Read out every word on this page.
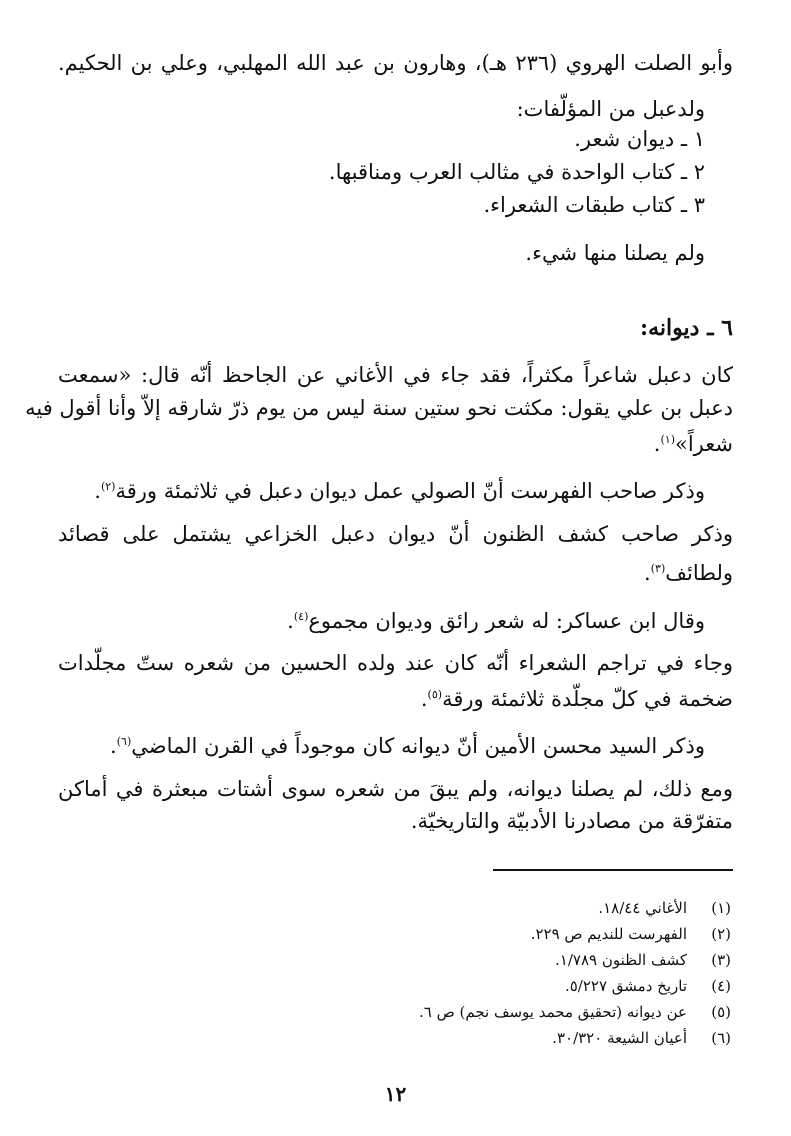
وأبو الصلت الهروي (٢٣٦ هـ)، وهارون بن عبد الله المهلبي، وعلي بن الحكيم.
ولدعبل من المؤلّفات:
١ ـ ديوان شعر.
٢ ـ كتاب الواحدة في مثالب العرب ومناقبها.
٣ ـ كتاب طبقات الشعراء.
ولم يصلنا منها شيء.
٦ ـ ديوانه:
كان دعبل شاعراً مكثراً، فقد جاء في الأغاني عن الجاحظ أنّه قال: «سمعت
دعبل بن علي يقول: مكثت نحو ستين سنة ليس من يوم ذرّ شارقه إلاّ وأنا أقول فيه
شعراً»$^{(١)}$.
وذكر صاحب الفهرست أنّ الصولي عمل ديوان دعبل في ثلاثمئة ورقة$^{(٢)}$.
وذكر صاحب كشف الظنون أنّ ديوان دعبل الخزاعي يشتمل على قصائد
ولطائف$^{(٣)}$.
وقال ابن عساكر: له شعر رائق وديوان مجموع$^{(٤)}$.
وجاء في تراجم الشعراء أنّه كان عند ولده الحسين من شعره ستّ مجلّدات
ضخمة في كلّ مجلّدة ثلاثمئة ورقة$^{(٥)}$.
وذكر السيد محسن الأمين أنّ ديوانه كان موجوداً في القرن الماضي$^{(٦)}$.
ومع ذلك، لم يصلنا ديوانه، ولم يبقَ من شعره سوى أشتات مبعثرة في أماكن
متفرّقة من مصادرنا الأدبيّة والتاريخيّة.
(١)الأغاني ١٨/٤٤.
(٢)الفهرست للنديم ص ٢٢٩.
(٣)كشف الظنون ١/٧٨٩.
(٤)تاريخ دمشق ٥/٢٢٧.
(٥)عن ديوانه (تحقيق محمد يوسف نجم) ص ٦.
(٦)أعيان الشيعة ٣٠/٣٢٠.
١٢
